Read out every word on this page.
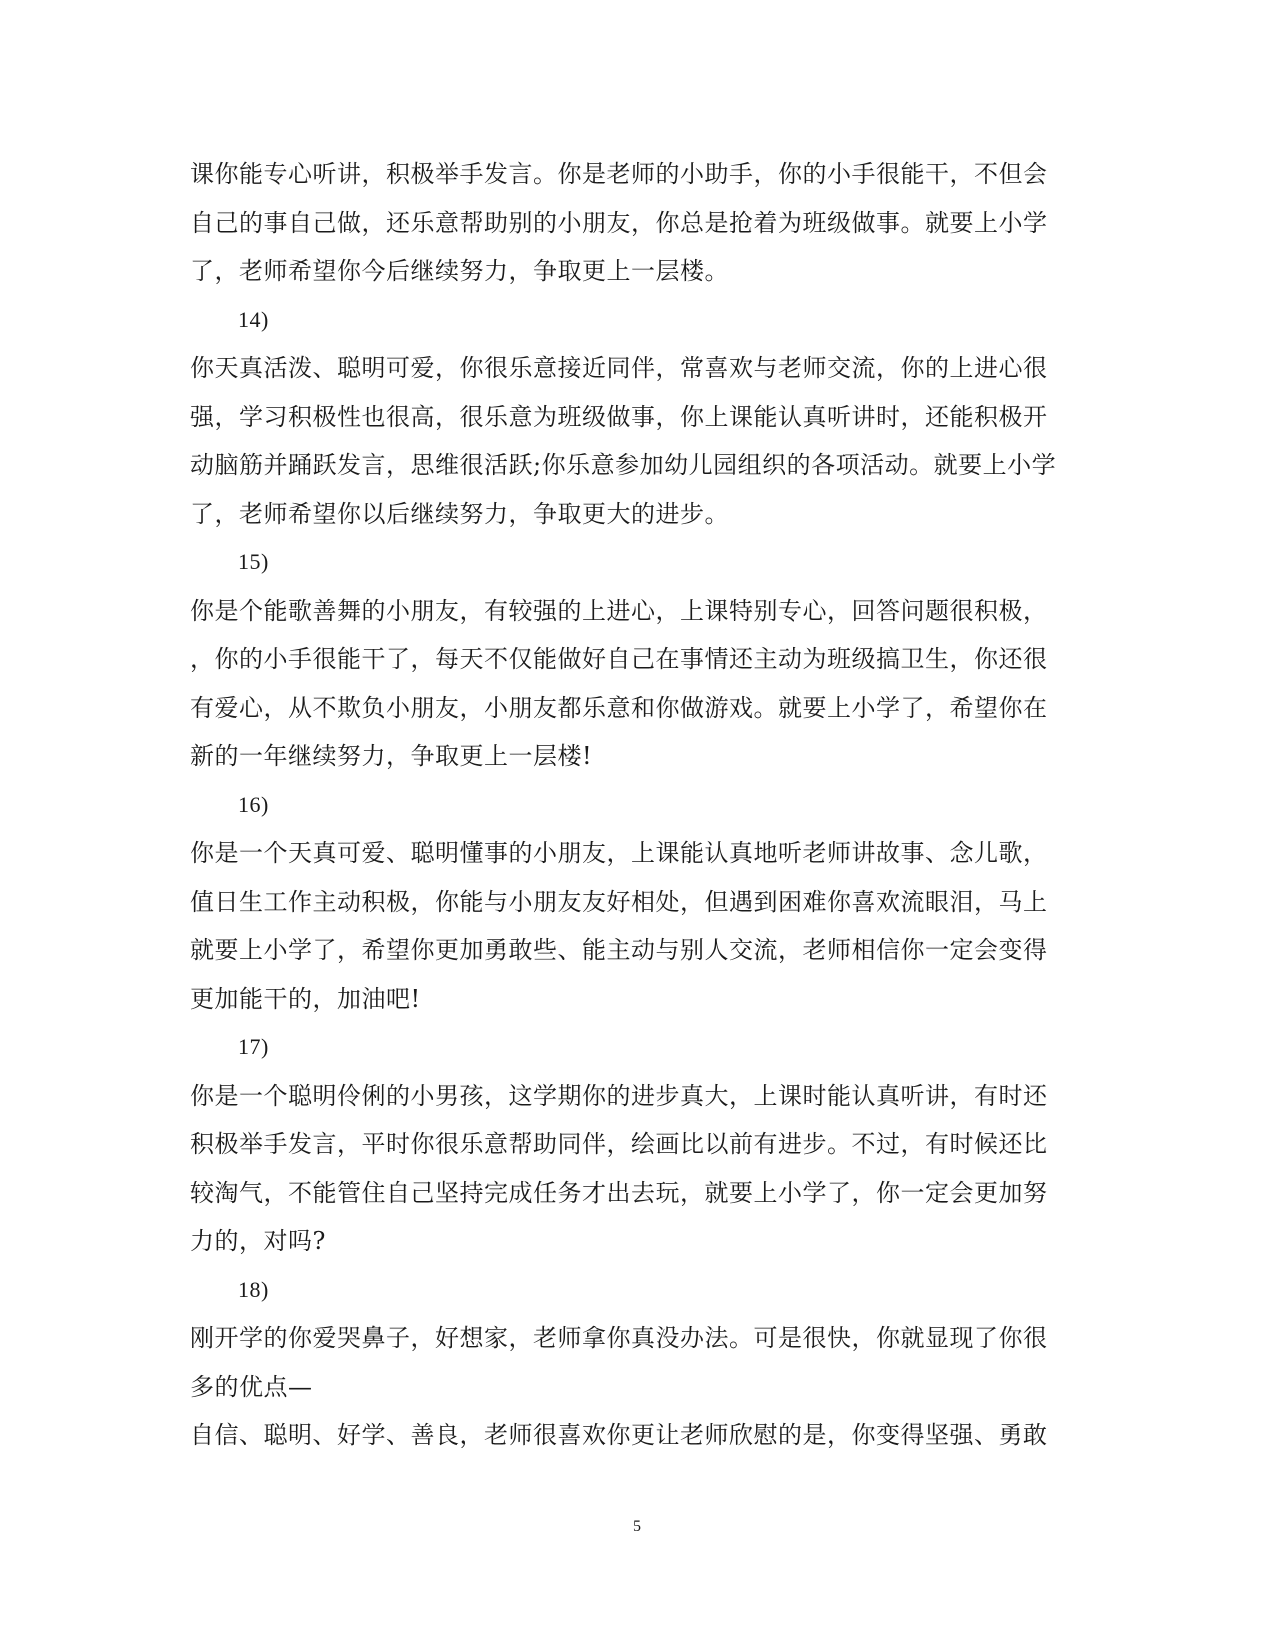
课你能专心听讲，积极举手发言。你是老师的小助手，你的小手很能干，不但会
自己的事自己做，还乐意帮助别的小朋友，你总是抢着为班级做事。就要上小学
了，老师希望你今后继续努力，争取更上一层楼。
14)
你天真活泼、聪明可爱，你很乐意接近同伴，常喜欢与老师交流，你的上进心很
强，学习积极性也很高，很乐意为班级做事，你上课能认真听讲时，还能积极开
动脑筋并踊跃发言，思维很活跃;你乐意参加幼儿园组织的各项活动。就要上小学
了，老师希望你以后继续努力，争取更大的进步。
15)
你是个能歌善舞的小朋友，有较强的上进心，上课特别专心，回答问题很积极，
，你的小手很能干了，每天不仅能做好自己在事情还主动为班级搞卫生，你还很
有爱心，从不欺负小朋友，小朋友都乐意和你做游戏。就要上小学了，希望你在
新的一年继续努力，争取更上一层楼!
16)
你是一个天真可爱、聪明懂事的小朋友，上课能认真地听老师讲故事、念儿歌，
值日生工作主动积极，你能与小朋友友好相处，但遇到困难你喜欢流眼泪，马上
就要上小学了，希望你更加勇敢些、能主动与别人交流，老师相信你一定会变得
更加能干的，加油吧!
17)
你是一个聪明伶俐的小男孩，这学期你的进步真大，上课时能认真听讲，有时还
积极举手发言，平时你很乐意帮助同伴，绘画比以前有进步。不过，有时候还比
较淘气，不能管住自己坚持完成任务才出去玩，就要上小学了，你一定会更加努
力的，对吗?
18)
刚开学的你爱哭鼻子，好想家，老师拿你真没办法。可是很快，你就显现了你很
多的优点—
自信、聪明、好学、善良，老师很喜欢你更让老师欣慰的是，你变得坚强、勇敢
5
